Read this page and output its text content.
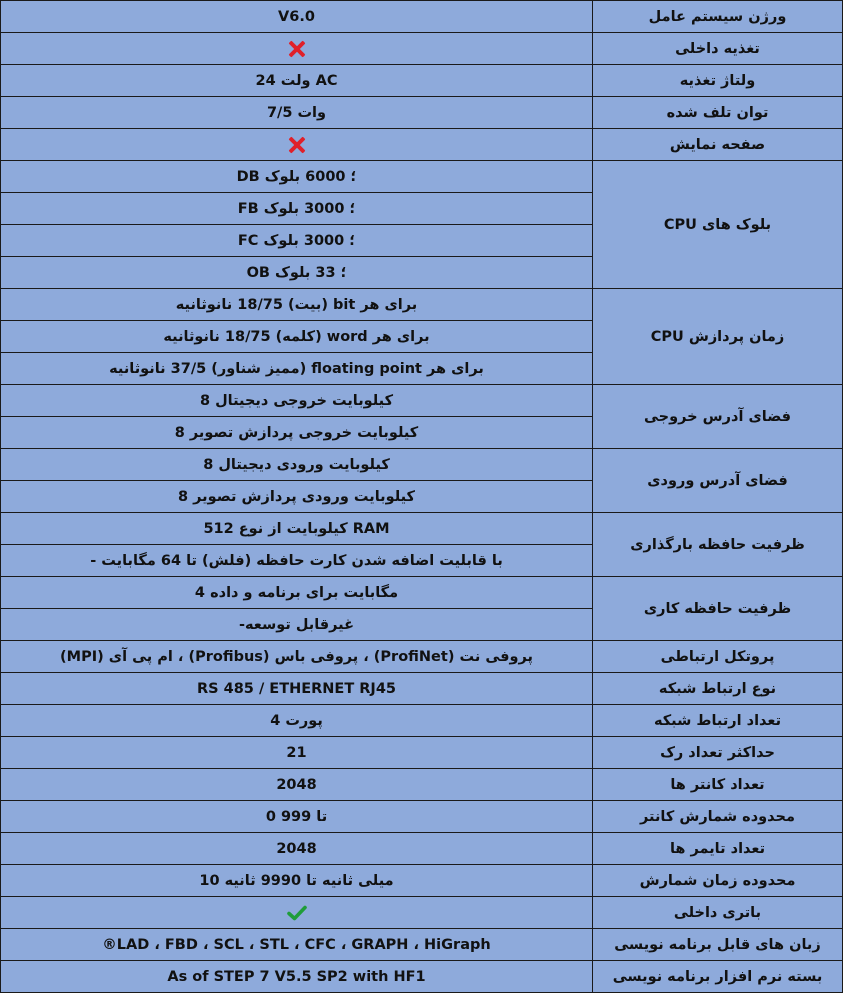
ورژن سیستم عامل	V6.0
تغذیه داخلی	
ولتاژ تغذیه	AC ولت 24
توان تلف شده	وات 7/5
صفحه نمایش	
بلوک های CPU	؛ 6000 بلوک DB
	؛ 3000 بلوک FB
	؛ 3000 بلوک FC
	؛ 33 بلوک OB
زمان پردازش CPU	برای هر bit (بیت) 18/75 نانوثانیه
	برای هر word (کلمه) 18/75 نانوثانیه
	برای هر floating point (ممیز شناور) 37/5 نانوثانیه
فضای آدرس خروجی	کیلوبایت خروجی دیجیتال 8
	کیلوبایت خروجی پردازش تصویر 8
فضای آدرس ورودی	کیلوبایت ورودی دیجیتال 8
	کیلوبایت ورودی پردازش تصویر 8
ظرفیت حافظه بارگذاری	RAM کیلوبایت از نوع 512
	با قابلیت اضافه شدن کارت حافظه (فلش) تا 64 مگابایت -
ظرفیت حافظه کاری	مگابایت برای برنامه و داده 4
	غیرقابل توسعه-
پروتکل ارتباطی	پروفی نت (ProfiNet) ، پروفی باس (Profibus) ، ام پی آی (MPI)
نوع ارتباط شبکه	RS 485 / ETHERNET RJ45
تعداد ارتباط شبکه	پورت 4
حداکثر تعداد رک	21
تعداد کانتر ها	2048
محدوده شمارش کانتر	تا 999 0
تعداد تایمر ها	2048
محدوده زمان شمارش	میلی ثانیه تا 9990 ثانیه 10
باتری داخلی	
زبان های قابل برنامه نویسی	LAD ، FBD ، SCL ، STL ، CFC ، GRAPH ، HiGraph®
بسته نرم افزار برنامه نویسی	As of STEP 7 V5.5 SP2 with HF1
